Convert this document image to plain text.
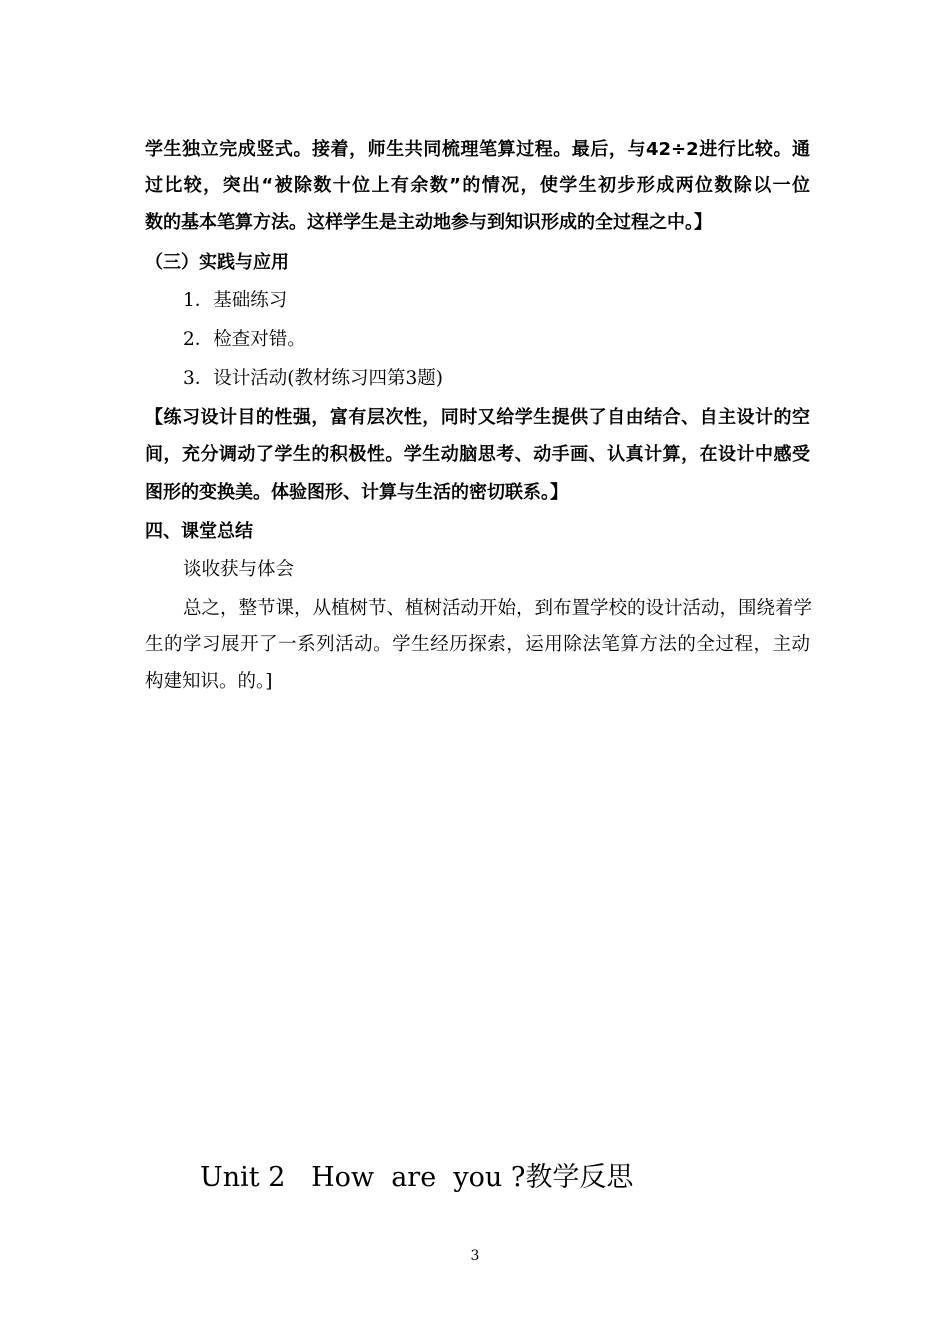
学生独立完成竖式。接着，师生共同梳理笔算过程。最后，与42÷2进行比较。通
过比较，突出“被除数十位上有余数”的情况，使学生初步形成两位数除以一位
数的基本笔算方法。这样学生是主动地参与到知识形成的全过程之中。】
（三）实践与应用
1．基础练习
2．检查对错。
3．设计活动(教材练习四第3题)
【练习设计目的性强，富有层次性，同时又给学生提供了自由结合、自主设计的空
间，充分调动了学生的积极性。学生动脑思考、动手画、认真计算，在设计中感受
图形的变换美。体验图形、计算与生活的密切联系。】
四、课堂总结
谈收获与体会
总之，整节课，从植树节、植树活动开始，到布置学校的设计活动，围绕着学
生的学习展开了一系列活动。学生经历探索，运用除法笔算方法的全过程，主动
构建知识。的。]
Unit 2   How  are  you ?教学反思
3
